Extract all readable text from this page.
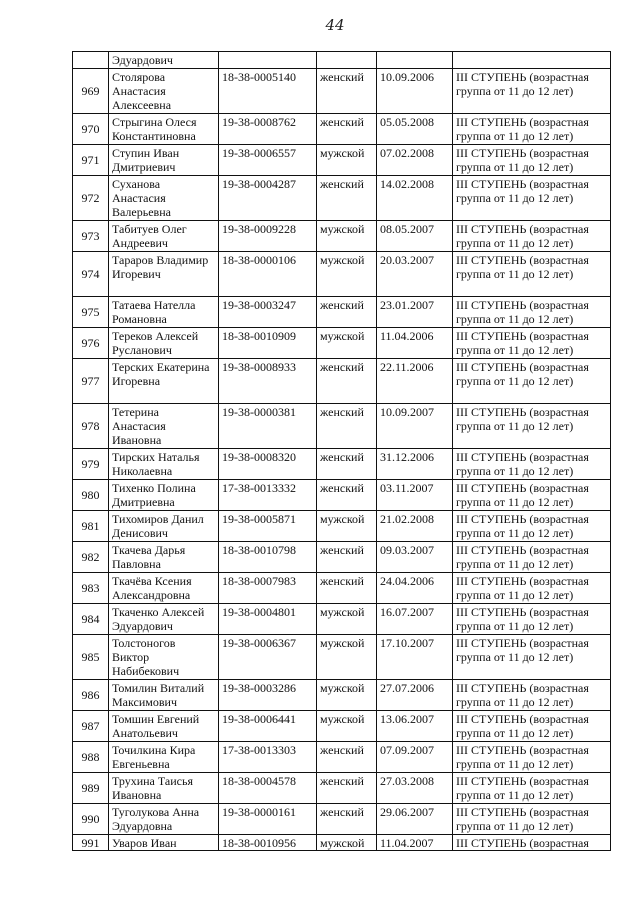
44
	Эдуардович				
969	Столярова Анастасия Алексеевна	18-38-0005140	женский	10.09.2006	III СТУПЕНЬ (возрастная группа от 11 до 12 лет)
970	Стрыгина Олеся Константиновна	19-38-0008762	женский	05.05.2008	III СТУПЕНЬ (возрастная группа от 11 до 12 лет)
971	Ступин Иван Дмитриевич	19-38-0006557	мужской	07.02.2008	III СТУПЕНЬ (возрастная группа от 11 до 12 лет)
972	Суханова Анастасия Валерьевна	19-38-0004287	женский	14.02.2008	III СТУПЕНЬ (возрастная группа от 11 до 12 лет)
973	Табитуев Олег Андреевич	19-38-0009228	мужской	08.05.2007	III СТУПЕНЬ (возрастная группа от 11 до 12 лет)
974	Тараров Владимир Игоревич	18-38-0000106	мужской	20.03.2007	III СТУПЕНЬ (возрастная группа от 11 до 12 лет)
975	Татаева Нателла Романовна	19-38-0003247	женский	23.01.2007	III СТУПЕНЬ (возрастная группа от 11 до 12 лет)
976	Тереков Алексей Русланович	18-38-0010909	мужской	11.04.2006	III СТУПЕНЬ (возрастная группа от 11 до 12 лет)
977	Терских Екатерина Игоревна	19-38-0008933	женский	22.11.2006	III СТУПЕНЬ (возрастная группа от 11 до 12 лет)
978	Тетерина Анастасия Ивановна	19-38-0000381	женский	10.09.2007	III СТУПЕНЬ (возрастная группа от 11 до 12 лет)
979	Тирских Наталья Николаевна	19-38-0008320	женский	31.12.2006	III СТУПЕНЬ (возрастная группа от 11 до 12 лет)
980	Тихенко Полина Дмитриевна	17-38-0013332	женский	03.11.2007	III СТУПЕНЬ (возрастная группа от 11 до 12 лет)
981	Тихомиров Данил Денисович	19-38-0005871	мужской	21.02.2008	III СТУПЕНЬ (возрастная группа от 11 до 12 лет)
982	Ткачева Дарья Павловна	18-38-0010798	женский	09.03.2007	III СТУПЕНЬ (возрастная группа от 11 до 12 лет)
983	Ткачёва Ксения Александровна	18-38-0007983	женский	24.04.2006	III СТУПЕНЬ (возрастная группа от 11 до 12 лет)
984	Ткаченко Алексей Эдуардович	19-38-0004801	мужской	16.07.2007	III СТУПЕНЬ (возрастная группа от 11 до 12 лет)
985	Толстоногов Виктор Набибекович	19-38-0006367	мужской	17.10.2007	III СТУПЕНЬ (возрастная группа от 11 до 12 лет)
986	Томилин Виталий Максимович	19-38-0003286	мужской	27.07.2006	III СТУПЕНЬ (возрастная группа от 11 до 12 лет)
987	Томшин Евгений Анатольевич	19-38-0006441	мужской	13.06.2007	III СТУПЕНЬ (возрастная группа от 11 до 12 лет)
988	Точилкина Кира Евгеньевна	17-38-0013303	женский	07.09.2007	III СТУПЕНЬ (возрастная группа от 11 до 12 лет)
989	Трухина Таисья Ивановна	18-38-0004578	женский	27.03.2008	III СТУПЕНЬ (возрастная группа от 11 до 12 лет)
990	Туголукова Анна Эдуардовна	19-38-0000161	женский	29.06.2007	III СТУПЕНЬ (возрастная группа от 11 до 12 лет)
991	Уваров Иван	18-38-0010956	мужской	11.04.2007	III СТУПЕНЬ (возрастная
